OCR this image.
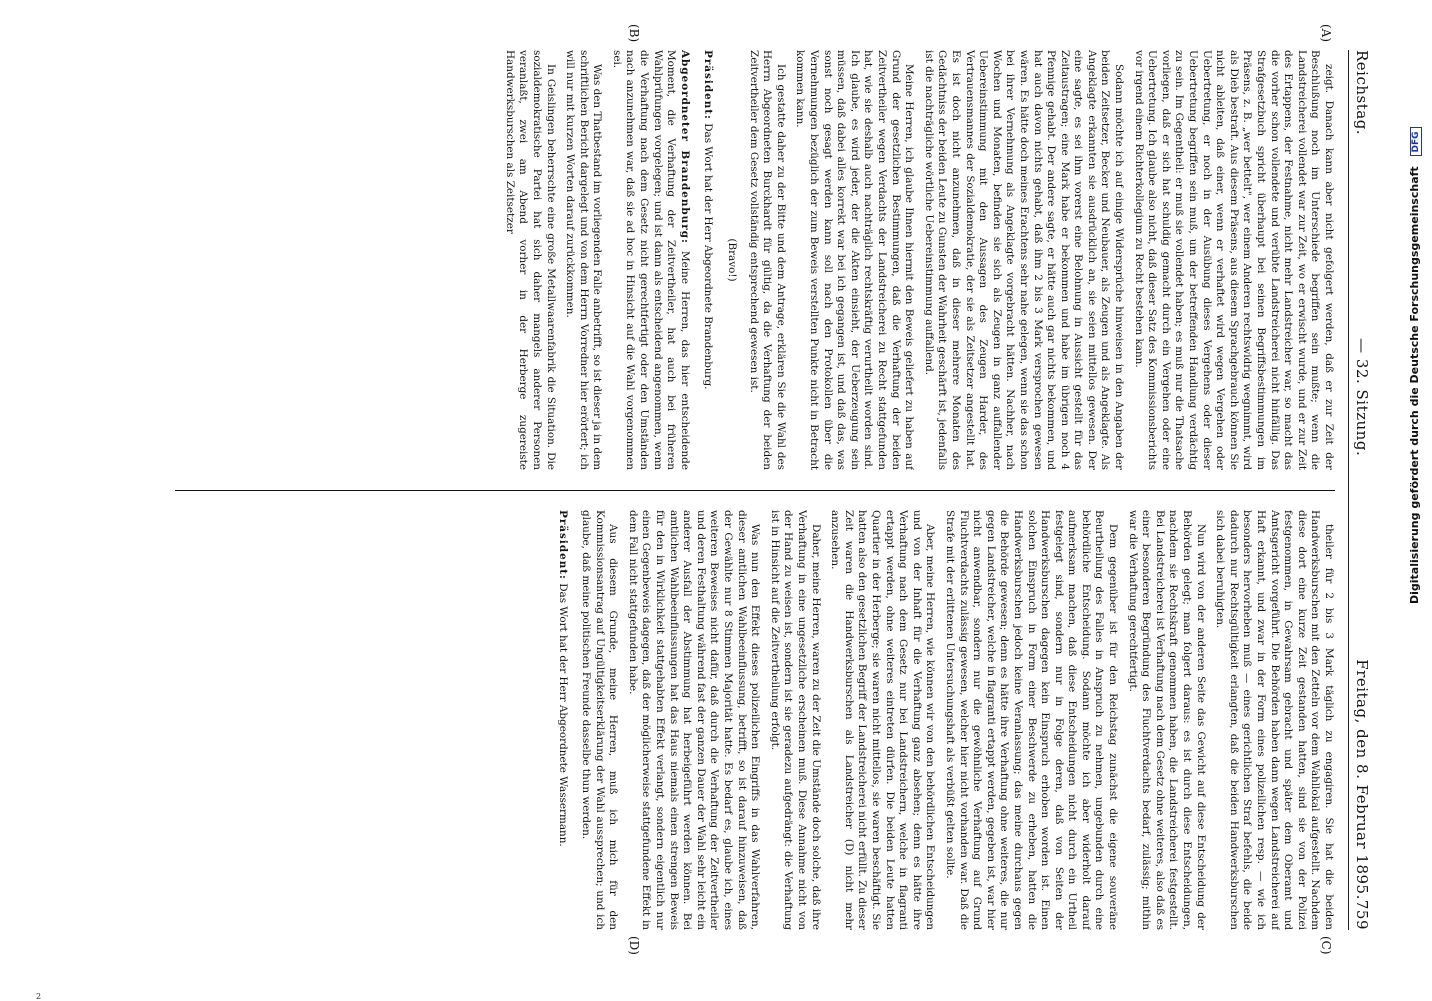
Reichstag.
— 32. Sitzung.
Freitag, den 8. Februar 1895.
759
(A)
(B)
(C)
(D)

zeigt. Danach kann aber nicht gefolgert werden, daß er zur Zeit der Beschlußung noch im Unterschiede begriffen sein mußte; wenn die Landstreicherei vollendet war zur Zeit, wo er erwischt wurde, und er zur Zeit des Ertappens, der Festnahme, nicht mehr Landstreicher war, so macht das die vorher schon vollendete und verübte Landstreicherei nicht hinfällig. Das Strafgesetzbuch spricht überhaupt bei seinen Begriffsbestimmungen im Präsens, z. B. „wer bettelt", wer einem Anderen rechtswidrig wegnimmt, wird als Dieb bestraft. Aus diesem Präsens, aus diesem Sprachgebrauch können Sie nicht ableiten, daß einer, wenn er verhaftet wird wegen Vergehen oder Uebertretung, er noch in der Ausübung dieses Vergehens oder dieser Uebertretung begriffen sein muß, um der betreffenden Handlung verdächtig zu sein. Im Gegentheil: er muß sie vollendet haben; es muß nur die Thatsache vorliegen, daß er sich hat schuldig gemacht durch ein Vergehen oder eine Uebertretung. Ich glaube also nicht, daß dieser Satz des Kommissionsberichts vor irgend einem Richterkollegium zu Recht bestehen kann.

Sodann möchte ich auf einige Widersprüche hinweisen in den Angaben der beiden Zeitsetzer, Becker und Neubauer, als Zeugen und als Angeklagte. Als Angeklagte erkannten sie ausdrücklich an, sie seien mittellos gewesen. Der eine sagte, es sei ihm vorerst eine Belohnung in Aussicht gestellt für das Zeitaustragen; eine Mark habe er bekommen und habe im übrigen noch 4 Pfennige gehabt. Der andere sagte, er hätte auch gar nichts bekommen, und hat auch davon nichts gehabt, daß ihm 2 bis 3 Mark versprochen gewesen wären. Es hätte doch meines Erachtens sehr nahe gelegen, wenn sie das schon bei ihrer Vernehmung als Angeklagte vorgebracht hätten. Nachher, nach Wochen und Monaten, befinden sie sich als Zeugen in ganz auffallender Uebereinstimmung mit den Aussagen des Zeugen Harder, des Vertrauensmannes der Sozialdemokratie, der sie als Zeitsetzer angestellt hat. Es ist doch nicht anzunehmen, daß in dieser mehrere Monaten des Gedächtniss der beiden Leute zu Gunsten der Wahrheit geschärft ist, jedenfalls ist die nachträgliche wörtliche Uebereinstimmung auffallend.

Meine Herren, ich glaube Ihnen hiermit den Beweis geliefert zu haben auf Grund der gesetzlichen Bestimmungen, daß die Verhaftung der beiden Zeitvertheiler wegen Verdachts der Landstreicherei zu Recht stattgefunden hat, wie sie deshalb auch nachträglich rechtskräftig verurtheilt worden sind. Ich glaube, es wird jeder, der die Akten einsieht, der Ueberzeugung sein müssen, daß dabei alles korrekt war bei ich gegangen ist, und daß das, was sonst noch gesagt werden kann soll nach den Protokollen über die Vernehmungen bezüglich der zum Beweis verstellten Punkte nicht in Betracht kommen kann.

Ich gestatte daher zu der Bitte und dem Antrage, erklären Sie die Wahl des Herrn Abgeordneten Burckhardt für gültig, da die Verhaftung der beiden Zeitvertheiler dem Gesetz vollständig entsprechend gewesen ist.

(Bravo!)

Präsident: Das Wort hat der Herr Abgeordnete Brandenburg.

Abgeordneter Brandenburg: Meine Herren, das hier entscheidende Moment, die Verhaftung der Zeitvertheiler, hat auch bei früheren Wahlprüfungen vorgelegen; und ist dann als entscheidend angenommen, wenn die Verhaftung nach dem Gesetz nicht gerechtfertigt oder den Umständen nach anzunehmen war, daß sie ad hoc in Hinsicht auf die Wahl vorgenommen sei.

Was den Thatbestand im vorliegenden Falle anbetrifft, so ist dieser ja in dem schriftlichen Bericht dargelegt und von dem Herrn Vorredner hier erörtert; ich will nur mit kurzen Worten darauf zurückkommen.

In Geislingen beherrschte eine große Metallwaarenfabrik die Situation. Die sozialdemokratische Partei hat sich daher mangels anderer Personen veranlaßt, zwei am Abend vorher in der Herberge zugereiste Handwerksburschen als Zeitsetzer

theiler für 2 bis 3 Mark täglich zu engagiren. Sie hat die beiden Handwerksburschen mit den Zetteln vor dem Wahllokal aufgestellt. Nachdem diese dort eine kurze Zeit gestanden hatten, sind sie von der Polizei festgenommen, in Gewahrsam gebracht und später dem Oberamt und Amtsgericht vorgeführt. Die Behörden haben dann wegen Landstreicherei auf Haft erkannt, und zwar in der Form eines polizeilichen resp. — wie ich besonders hervorheben muß — eines gerichtlichen Straf befehls, die beide dadurch nur Rechtsgültigkeit erlangten, daß die beiden Handwerksburschen sich dabei beruhigten.

Nun wird von der anderen Seite das Gewicht auf diese Entscheidung der Behörden gelegt; man folgert daraus: es ist durch diese Entscheidungen, nachdem sie Rechtskraft genommen haben, die Landstreicherei festgestellt. Bei Landstreicherei ist Verhaftung nach dem Gesetz ohne weiteres, also daß es einer besonderen Begründung des Fluchtverdachts bedarf, zulässig; mithin war die Verhaftung gerechtfertigt.

Dem gegenüber ist für den Reichstag zunächst die eigene souveräne Beurtheilung des Falles in Anspruch zu nehmen, ungebunden durch eine behördliche Entscheidung. Sodann möchte ich aber widerholt darauf aufmerksam machen, daß diese Entscheidungen nicht durch ein Urtheil festgelegt sind, sondern nur in Folge deren, daß von Seiten der Handwerksburschen dagegen kein Einspruch erhoben worden ist. Einen solchen Einspruch in Form einer Beschwerde zu erheben, hatten die Handwerksburschen jedoch keine Veranlassung; das meine durchaus gegen die Behörde gewesen; denn es hätte ihre Verhaftung ohne weiteres, die nur gegen Landstreicher, welche in flagranti ertappt werden, gegeben ist, war hier nicht anwendbar, sondern nur die gewöhnliche Verhaftung auf Grund Fluchtverdachts zulässig gewesen, welcher hier nicht vorhanden war. Daß die Strafe mit der erlittenen Untersuchungshaft als verbüßt gelten sollte.

Aber, meine Herren, wie können wir von den behördlichen Entscheidungen und von der Inhaft für die Verhaftung ganz absehen; denn es hätte ihre Verhaftung nach dem Gesetz nur bei Landstreichern, welche in flagranti ertappt werden, ohne weiteres eintreten dürfen. Die beiden Leute hatten Quartier in der Herberge; sie waren nicht mittellos, sie waren beschäftigt. Sie hatten also den gesetzlichen Begriff der Landstreicherei nicht erfüllt. Zu dieser Zeit waren die Handwerksburschen als Landstreicher (D) nicht mehr anzusehen.

Daher, meine Herren, waren zu der Zeit die Umstände doch solche, daß ihre Verhaftung in eine ungesetzliche erscheinen muß. Diese Annahme nicht von der Hand zu weisen ist, sondern ist sie geradezu aufgedrängt: die Verhaftung ist in Hinsicht auf die Zeitvertheilung erfolgt.

Was nun den Effekt dieses polizeilichen Eingriffs in das Wahlverfahren, dieser amtlichen Wahlbeeinflussung, betrifft, so ist darauf hinzuweisen, daß der Gewählte nur 8 Stimmen Majorität hatte. Es bedarf es, glaube ich, eines weiteren Beweises nicht dafür, daß durch die Verhaftung der Zeitvertheiler und deren Festhaltung während fast der ganzen Dauer der Wahl sehr leicht ein anderer Ausfall der Abstimmung hat herbeigeführt werden können. Bei amtlichen Wahlbeeinflussungen hat das Haus niemals einen strengen Beweis für den in Wirklichkeit stattgehabten Effekt verlangt, sondern eigentlich nur einen Gegenbeweis dagegen, daß der möglicherweise stattgefundene Effekt in dem Fall nicht stattgefunden habe.

Aus diesem Grunde, meine Herren, muß ich mich für den Kommissionsantrag auf Ungültigkeitserklärung der Wahl aussprechen; und ich glaube, daß meine politischen Freunde dasselbe thun werden.

Präsident: Das Wort hat der Herr Abgeordnete Wassermann.

Digitalisierung gefördert durch die Deutsche Forschungsgemeinschaft DFG
2
